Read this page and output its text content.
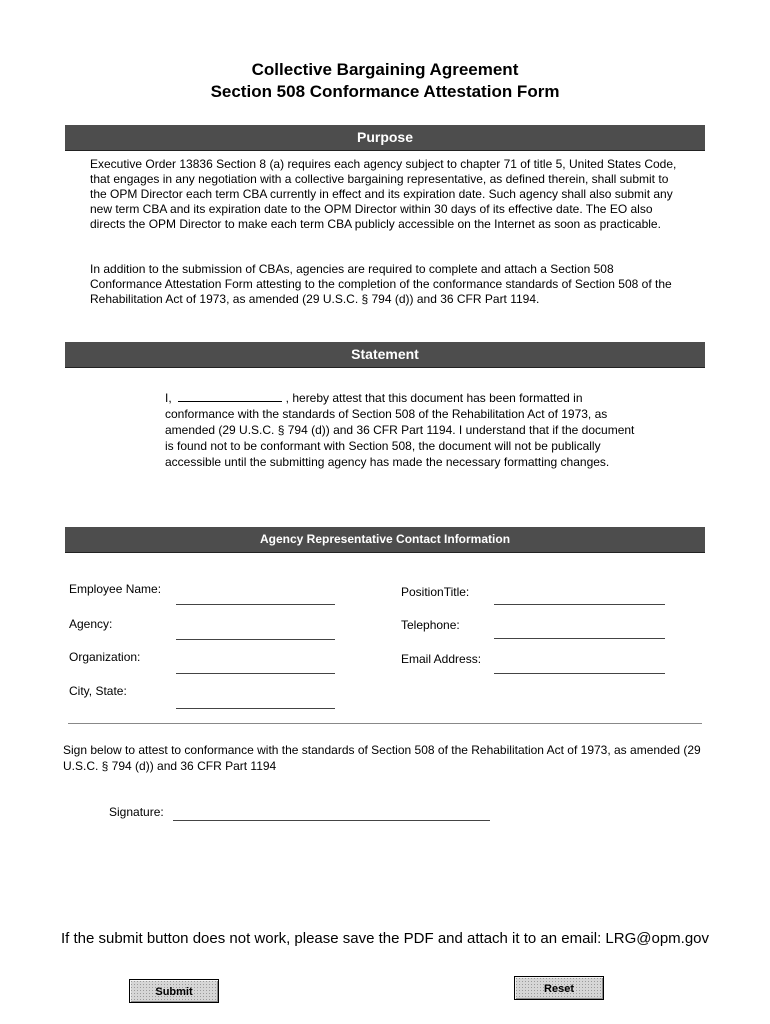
Collective Bargaining Agreement
Section 508 Conformance Attestation Form
Purpose

Executive Order 13836 Section 8 (a) requires each agency subject to chapter 71 of title 5, United States Code, that engages in any negotiation with a collective bargaining representative, as defined therein, shall submit to the OPM Director each term CBA currently in effect and its expiration date. Such agency shall also submit any new term CBA and its expiration date to the OPM Director within 30 days of its effective date. The EO also directs the OPM Director to make each term CBA publicly accessible on the Internet as soon as practicable.

In addition to the submission of CBAs, agencies are required to complete and attach a Section 508 Conformance Attestation Form attesting to the completion of the conformance standards of Section 508 of the Rehabilitation Act of 1973, as amended (29 U.S.C. § 794 (d)) and 36 CFR Part 1194.

Statement

I,	, hereby attest that this document has been formatted in conformance with the standards of Section 508 of the Rehabilitation Act of 1973, as amended (29 U.S.C. § 794 (d)) and 36 CFR Part 1194. I understand that if the document is found not to be conformant with Section 508, the document will not be publically accessible until the submitting agency has made the necessary formatting changes.

Agency Representative Contact Information
Employee Name:
Agency:
Organization:
City, State:
PositionTitle:
Telephone:
Email Address:

Sign below to attest to conformance with the standards of Section 508 of the Rehabilitation Act of 1973, as amended (29 U.S.C. § 794 (d)) and 36 CFR Part 1194

Signature:
If the submit button does not work, please save the PDF and attach it to an email: LRG@opm.gov
Submit	Reset
